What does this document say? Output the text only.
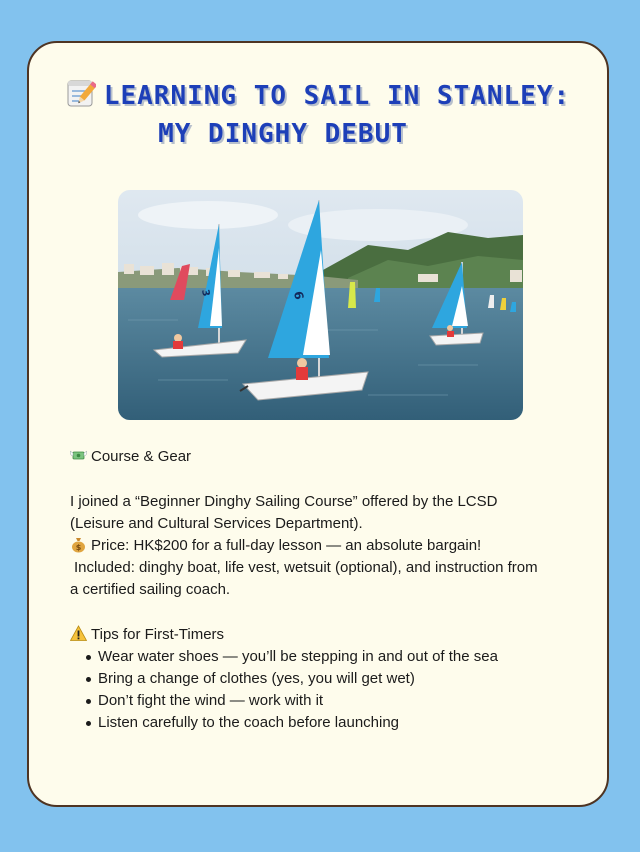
LEARNING TO SAIL IN STANLEY:
MY DINGHY DEBUT
3	6
Course & Gear

I joined a “Beginner Dinghy Sailing Course” offered by the LCSD

(Leisure and Cultural Services Department).

$ Price: HK$200 for a full-day lesson — an absolute bargain!

Included: dinghy boat, life vest, wetsuit (optional), and instruction from

a certified sailing coach.

Tips for First-Timers
Wear water shoes — you’ll be stepping in and out of the sea
Bring a change of clothes (yes, you will get wet)
Don’t fight the wind — work with it
Listen carefully to the coach before launching
